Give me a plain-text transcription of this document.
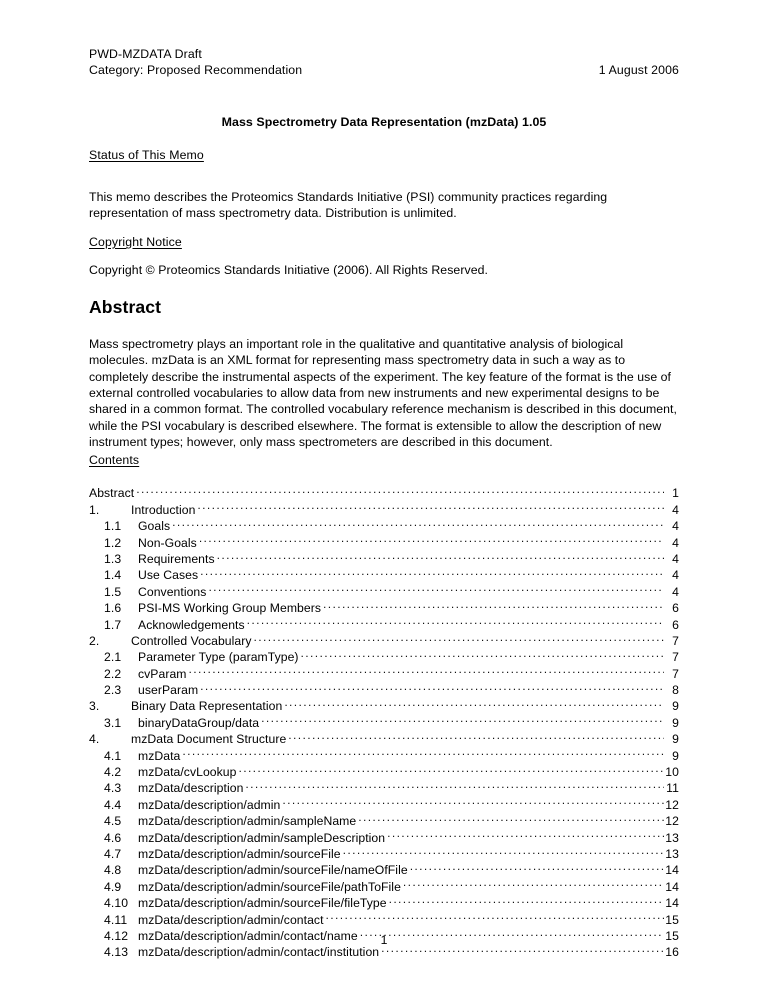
PWD-MZDATA Draft
Category: Proposed Recommendation	1 August 2006
Mass Spectrometry Data Representation (mzData) 1.05
Status of This Memo
This memo describes the Proteomics Standards Initiative (PSI) community practices regarding representation of mass spectrometry data. Distribution is unlimited.
Copyright Notice
Copyright © Proteomics Standards Initiative (2006). All Rights Reserved.
Abstract
Mass spectrometry plays an important role in the qualitative and quantitative analysis of biological molecules. mzData is an XML format for representing mass spectrometry data in such a way as to completely describe the instrumental aspects of the experiment. The key feature of the format is the use of external controlled vocabularies to allow data from new instruments and new experimental designs to be shared in a common format. The controlled vocabulary reference mechanism is described in this document, while the PSI vocabulary is described elsewhere. The format is extensible to allow the description of new instrument types; however, only mass spectrometers are described in this document.
Contents
Abstract .....	1
1.	Introduction .....	4
1.1	Goals .....	4
1.2	Non-Goals .....	4
1.3	Requirements .....	4
1.4	Use Cases .....	4
1.5	Conventions .....	4
1.6	PSI-MS Working Group Members .....	6
1.7	Acknowledgements .....	6
2.	Controlled Vocabulary .....	7
2.1	Parameter Type (paramType) .....	7
2.2	cvParam .....	7
2.3	userParam .....	8
3.	Binary Data Representation .....	9
3.1	binaryDataGroup/data .....	9
4.	mzData Document Structure .....	9
4.1	mzData .....	9
4.2	mzData/cvLookup .....	10
4.3	mzData/description .....	11
4.4	mzData/description/admin .....	12
4.5	mzData/description/admin/sampleName .....	12
4.6	mzData/description/admin/sampleDescription .....	13
4.7	mzData/description/admin/sourceFile .....	13
4.8	mzData/description/admin/sourceFile/nameOfFile .....	14
4.9	mzData/description/admin/sourceFile/pathToFile .....	14
4.10 mzData/description/admin/sourceFile/fileType .....	14
4.11 mzData/description/admin/contact .....	15
4.12 mzData/description/admin/contact/name .....	15
4.13 mzData/description/admin/contact/institution .....	16
1
